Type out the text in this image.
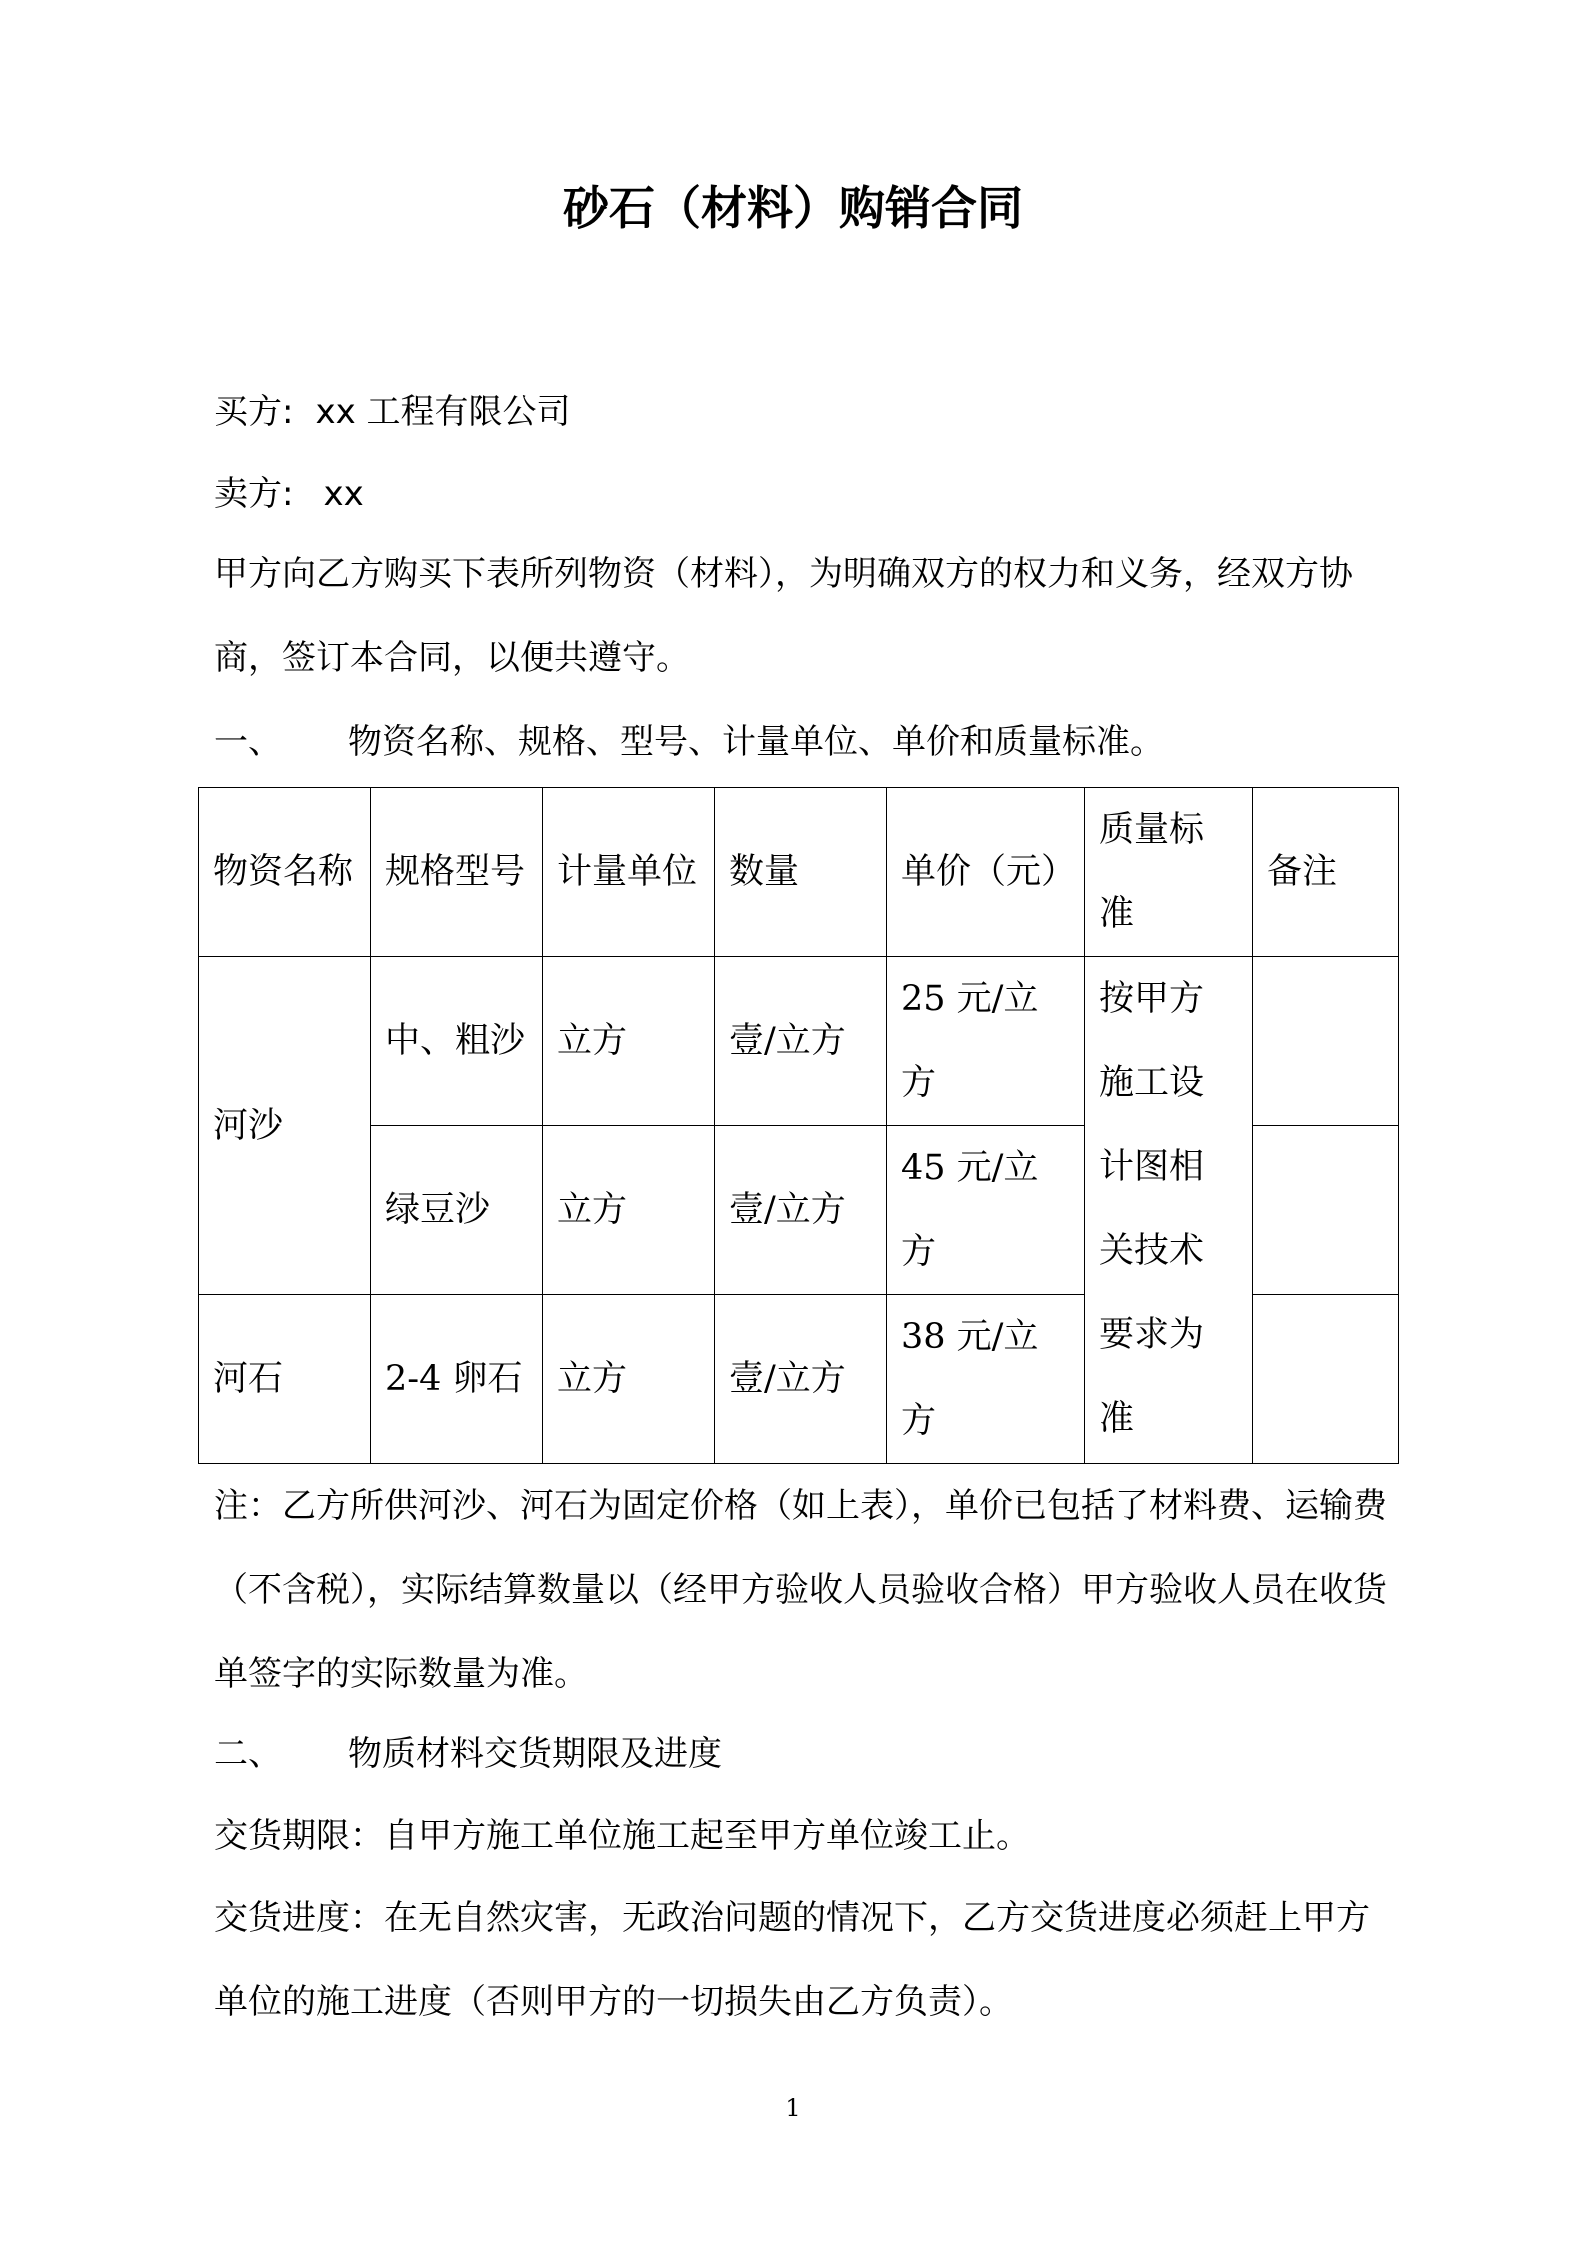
砂石（材料）购销合同
买方: xx 工程有限公司
卖方: xx
甲方向乙方购买下表所列物资（材料），为明确双方的权力和义务，经双方协商，签订本合同，以便共遵守。
一、 物资名称、规格、型号、计量单位、单价和质量标准。
物资名称	规格型号	计量单位	数量	单价（元）	质量标准	备注
河沙	中、粗沙	立方	壹/立方	25 元/立方	按甲方施工设计图相关技术要求为准	
	绿豆沙	立方	壹/立方	45 元/立方		
河石	2-4 卵石	立方	壹/立方	38 元/立方		
注：乙方所供河沙、河石为固定价格（如上表），单价已包括了材料费、运输费（不含税），实际结算数量以（经甲方验收人员验收合格）甲方验收人员在收货单签字的实际数量为准。
二、 物质材料交货期限及进度
交货期限：自甲方施工单位施工起至甲方单位竣工止。
交货进度：在无自然灾害，无政治问题的情况下，乙方交货进度必须赶上甲方单位的施工进度（否则甲方的一切损失由乙方负责）。
1
